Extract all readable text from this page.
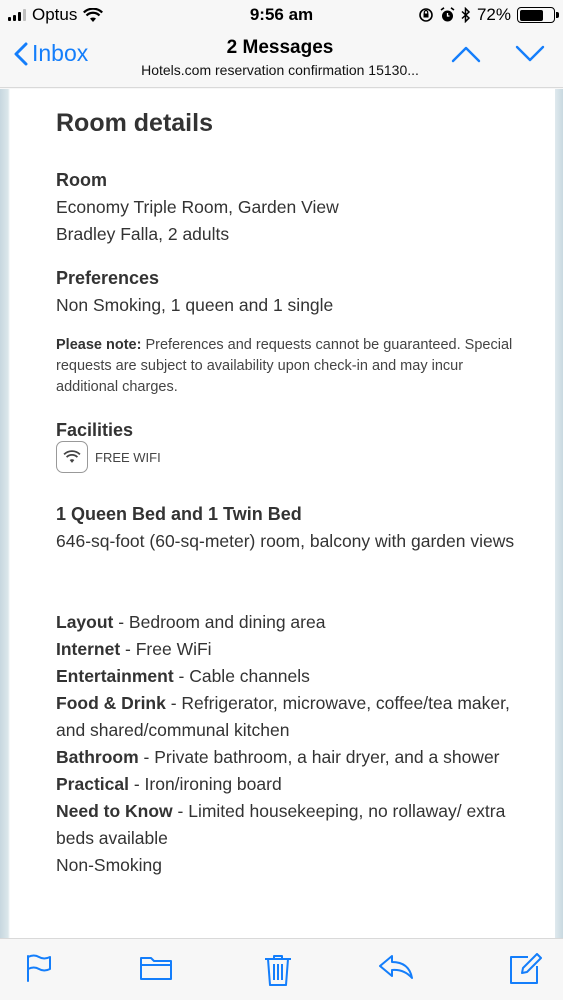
Optus	9:56 am	72%
Inbox	2 Messages
Hotels.com reservation confirmation 15130...
Room details
Room
Economy Triple Room, Garden View
Bradley Falla, 2 adults
Preferences
Non Smoking, 1 queen and 1 single
Please note: Preferences and requests cannot be guaranteed. Special requests are subject to availability upon check-in and may incur additional charges.
Facilities
FREE WIFI
1 Queen Bed and 1 Twin Bed
646-sq-foot (60-sq-meter) room, balcony with garden views
Layout - Bedroom and dining area
Internet - Free WiFi
Entertainment - Cable channels
Food & Drink - Refrigerator, microwave, coffee/tea maker, and shared/communal kitchen
Bathroom - Private bathroom, a hair dryer, and a shower
Practical - Iron/ironing board
Need to Know - Limited housekeeping, no rollaway/ extra beds available
Non-Smoking
